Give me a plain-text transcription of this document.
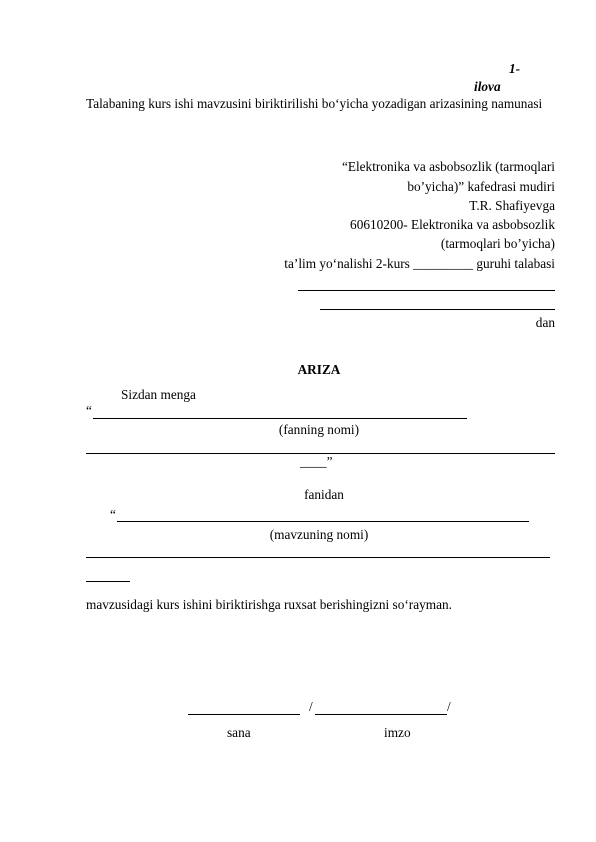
1-
ilova
Talabaning kurs ishi mavzusini biriktirilishi bo‘yicha yozadigan arizasining namunasi
“Elektronika va asbobsozlik (tarmoqlari
bo’yicha)” kafedrasi mudiri
T.R. Shafiyevga
60610200- Elektronika va asbobsozlik
(tarmoqlari bo’yicha)
ta’lim yo‘nalishi 2-kurs _________ guruhi talabasi
dan
ARIZA
Sizdan menga
“
(fanning nomi)
____”
fanidan
“
(mavzuning nomi)
mavzusidagi kurs ishini biriktirishga ruxsat berishingizni so‘rayman.
/	/
sana	imzo
